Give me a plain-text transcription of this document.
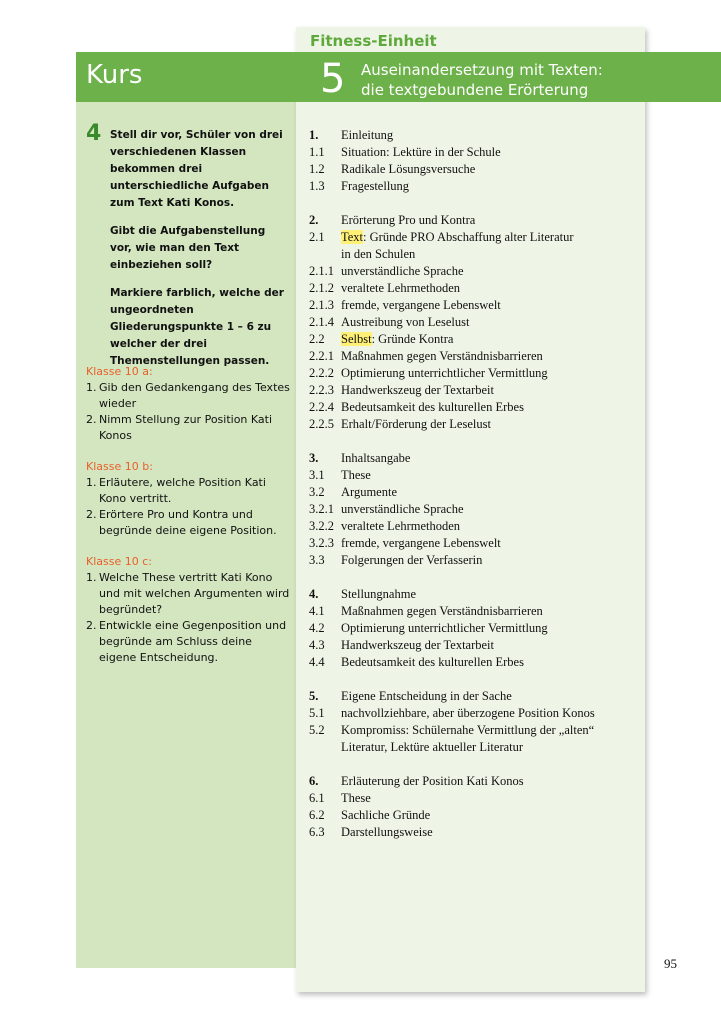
Fitness-Einheit
Kurs	5 Auseinandersetzung mit Texten:
die textgebundene Erörterung
4 Stell dir vor, Schüler von drei verschiedenen Klassen bekommen drei unterschiedliche Aufgaben zum Text Kati Konos.

Gibt die Aufgabenstellung vor, wie man den Text einbeziehen soll?

Markiere farblich, welche der ungeordneten Gliederungspunkte 1 – 6 zu welcher der drei Themenstellungen passen.

Klasse 10 a:
1. Gib den Gedankengang des Textes wieder
2. Nimm Stellung zur Position Kati Konos
Klasse 10 b:
1. Erläutere, welche Position Kati Kono vertritt.
2. Erörtere Pro und Kontra und begründe deine eigene Position.
Klasse 10 c:
1. Welche These vertritt Kati Kono und mit welchen Argumenten wird begründet?
2. Entwickle eine Gegenposition und begründe am Schluss deine eigene Entscheidung.
1.	Einleitung
1.1	Situation: Lektüre in der Schule
1.2	Radikale Lösungsversuche
1.3	Fragestellung
2.	Erörterung Pro und Kontra
2.1	Text: Gründe PRO Abschaffung alter Literatur
in den Schulen
2.1.1 unverständliche Sprache
2.1.2 veraltete Lehrmethoden
2.1.3 fremde, vergangene Lebenswelt
2.1.4 Austreibung von Leselust
2.2	Selbst: Gründe Kontra
2.2.1 Maßnahmen gegen Verständnisbarrieren
2.2.2 Optimierung unterrichtlicher Vermittlung
2.2.3 Handwerkszeug der Textarbeit
2.2.4 Bedeutsamkeit des kulturellen Erbes
2.2.5 Erhalt/Förderung der Leselust
3.	Inhaltsangabe
3.1	These
3.2	Argumente
3.2.1 unverständliche Sprache
3.2.2 veraltete Lehrmethoden
3.2.3 fremde, vergangene Lebenswelt
3.3	Folgerungen der Verfasserin
4.	Stellungnahme
4.1	Maßnahmen gegen Verständnisbarrieren
4.2	Optimierung unterrichtlicher Vermittlung
4.3	Handwerkszeug der Textarbeit
4.4	Bedeutsamkeit des kulturellen Erbes
5.	Eigene Entscheidung in der Sache
5.1	nachvollziehbare, aber überzogene Position Konos
5.2	Kompromiss: Schülernahe Vermittlung der „alten“
Literatur, Lektüre aktueller Literatur
6.	Erläuterung der Position Kati Konos
6.1	These
6.2	Sachliche Gründe
6.3	Darstellungsweise
95
